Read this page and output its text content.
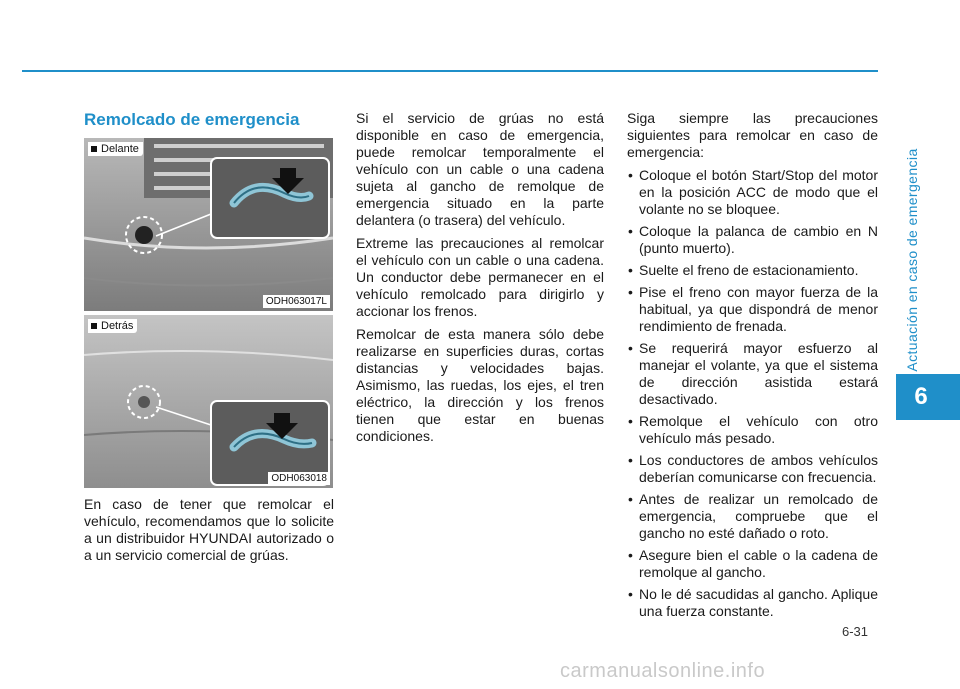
Actuación en caso de emergencia
6
Remolcado de emergencia
Delante
ODH063017L
Detrás
ODH063018

En caso de tener que remolcar el vehículo, recomendamos que lo solicite a un distribuidor HYUNDAI autorizado o a un servicio comercial de grúas.

Si el servicio de grúas no está disponible en caso de emergencia, puede remolcar temporalmente el vehículo con un cable o una cadena sujeta al gancho de remolque de emergencia situado en la parte delantera (o trasera) del vehículo.

Extreme las precauciones al remolcar el vehículo con un cable o una cadena. Un conductor debe permanecer en el vehículo remolcado para dirigirlo y accionar los frenos.

Remolcar de esta manera sólo debe realizarse en superficies duras, cortas distancias y velocidades bajas. Asimismo, las ruedas, los ejes, el tren eléctrico, la dirección y los frenos tienen que estar en buenas condiciones.

Siga siempre las precauciones siguientes para remolcar en caso de emergencia:

• Coloque el botón Start/Stop del motor en la posición ACC de modo que el volante no se bloquee.
• Coloque la palanca de cambio en N (punto muerto).
• Suelte el freno de estacionamiento.
• Pise el freno con mayor fuerza de la habitual, ya que dispondrá de menor rendimiento de frenada.
• Se requerirá mayor esfuerzo al manejar el volante, ya que el sistema de dirección asistida estará desactivado.
• Remolque el vehículo con otro vehículo más pesado.
• Los conductores de ambos vehículos deberían comunicarse con frecuencia.
• Antes de realizar un remolcado de emergencia, compruebe que el gancho no esté dañado o roto.
• Asegure bien el cable o la cadena de remolque al gancho.
• No le dé sacudidas al gancho. Aplique una fuerza constante.
6-31
carmanualsonline.info
